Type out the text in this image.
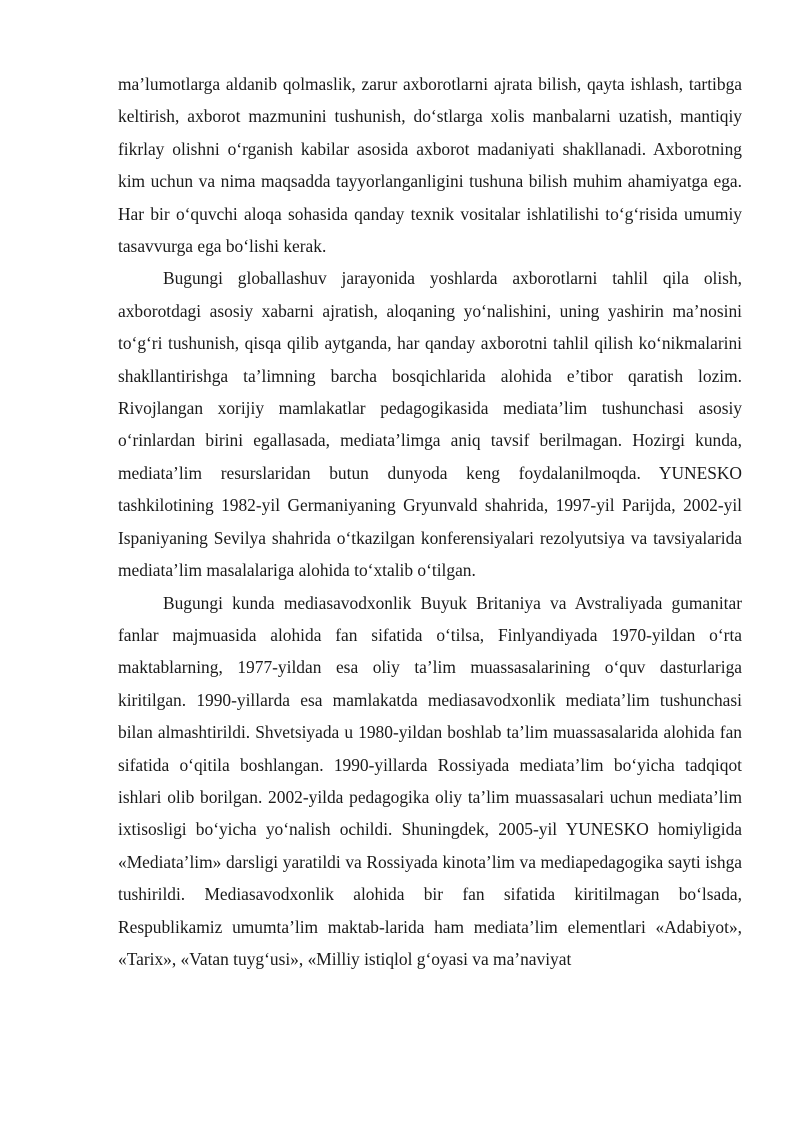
ma’lumotlarga aldanib qolmaslik, zarur axborotlarni ajrata bilish, qayta ishlash, tartibga keltirish, axborot mazmunini tushunish, do‘stlarga xolis manbalarni uzatish, mantiqiy fikrlay olishni o‘rganish kabilar asosida axborot madaniyati shakllanadi. Axborotning kim uchun va nima maqsadda tayyorlanganligini tushuna bilish muhim ahamiyatga ega. Har bir o‘quvchi aloqa sohasida qanday texnik vositalar ishlatilishi to‘g‘risida umumiy tasavvurga ega bo‘lishi kerak.

Bugungi globallashuv jarayonida yoshlarda axborotlarni tahlil qila olish, axborotdagi asosiy xabarni ajratish, aloqaning yo‘nalishini, uning yashirin ma’nosini to‘g‘ri tushunish, qisqa qilib aytganda, har qanday axborotni tahlil qilish ko‘nikmalarini shakllantirishga ta’limning barcha bosqichlarida alohida e’tibor qaratish lozim. Rivojlangan xorijiy mamlakatlar pedagogikasida mediata’lim tushunchasi asosiy o‘rinlardan birini egallasada, mediata’limga aniq tavsif berilmagan. Hozirgi kunda, mediata’lim resurslaridan butun dunyoda keng foydalanilmoqda. YUNESKO tashkilotining 1982-yil Germaniyaning Gryunvald shahrida, 1997-yil Parijda, 2002-yil Ispaniyaning Sevilya shahrida o‘tkazilgan konferensiyalari rezolyutsiya va tavsiyalarida mediata’lim masalalariga alohida to‘xtalib o‘tilgan.

Bugungi kunda mediasavodxonlik Buyuk Britaniya va Avstraliyada gumanitar fanlar majmuasida alohida fan sifatida o‘tilsa, Finlyandiyada 1970-yildan o‘rta maktablarning, 1977-yildan esa oliy ta’lim muassasalarining o‘quv dasturlariga kiritilgan. 1990-yillarda esa mamlakatda mediasavodxonlik mediata’lim tushunchasi bilan almashtirildi. Shvetsiyada u 1980-yildan boshlab ta’lim muassasalarida alohida fan sifatida o‘qitila boshlangan. 1990-yillarda Rossiyada mediata’lim bo‘yicha tadqiqot ishlari olib borilgan. 2002-yilda pedagogika oliy ta’lim muassasalari uchun mediata’lim ixtisosligi bo‘yicha yo‘nalish ochildi. Shuningdek, 2005-yil YUNESKO homiyligida «Mediata’lim» darsligi yaratildi va Rossiyada kinota’lim va mediapedagogika sayti ishga tushirildi. Mediasavodxonlik alohida bir fan sifatida kiritilmagan bo‘lsada, Respublikamiz umumta’lim maktab-larida ham mediata’lim elementlari «Adabiyot», «Tarix», «Vatan tuyg‘usi», «Milliy istiqlol g‘oyasi va ma’naviyat
